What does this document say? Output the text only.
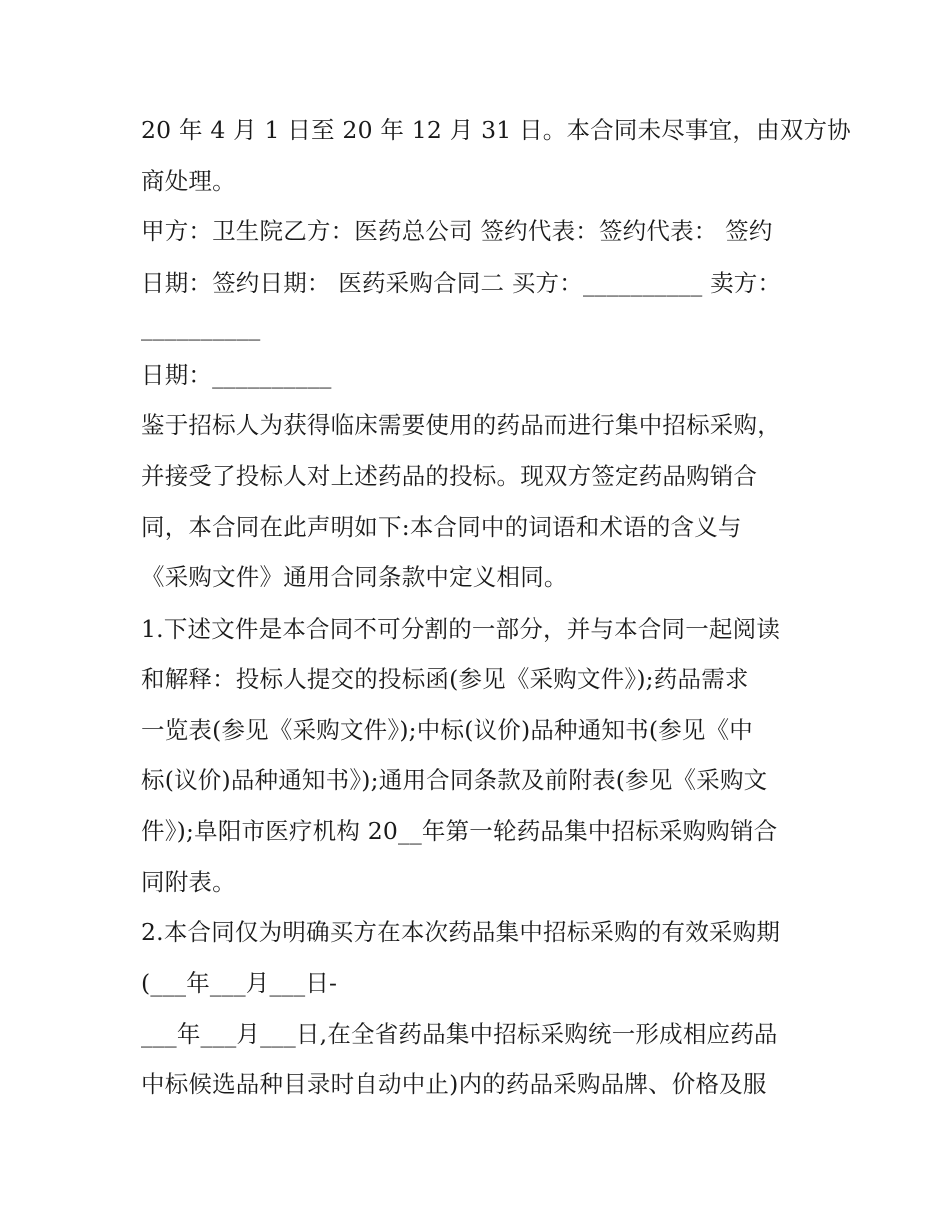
20 年 4 月 1 日至 20 年 12 月 31 日。本合同未尽事宜，由双方协
商处理。
甲方：卫生院乙方：医药总公司 签约代表：签约代表： 签约
日期：签约日期： 医药采购合同二 买方：__________ 卖方：
__________
日期：__________
鉴于招标人为获得临床需要使用的药品而进行集中招标采购，
并接受了投标人对上述药品的投标。现双方签定药品购销合
同，本合同在此声明如下:本合同中的词语和术语的含义与
《采购文件》通用合同条款中定义相同。
1.下述文件是本合同不可分割的一部分，并与本合同一起阅读
和解释：投标人提交的投标函(参见《采购文件》);药品需求
一览表(参见《采购文件》);中标(议价)品种通知书(参见《中
标(议价)品种通知书》);通用合同条款及前附表(参见《采购文
件》);阜阳市医疗机构 20__年第一轮药品集中招标采购购销合
同附表。
2.本合同仅为明确买方在本次药品集中招标采购的有效采购期
(___年___月___日-
___年___月___日,在全省药品集中招标采购统一形成相应药品
中标候选品种目录时自动中止)内的药品采购品牌、价格及服
